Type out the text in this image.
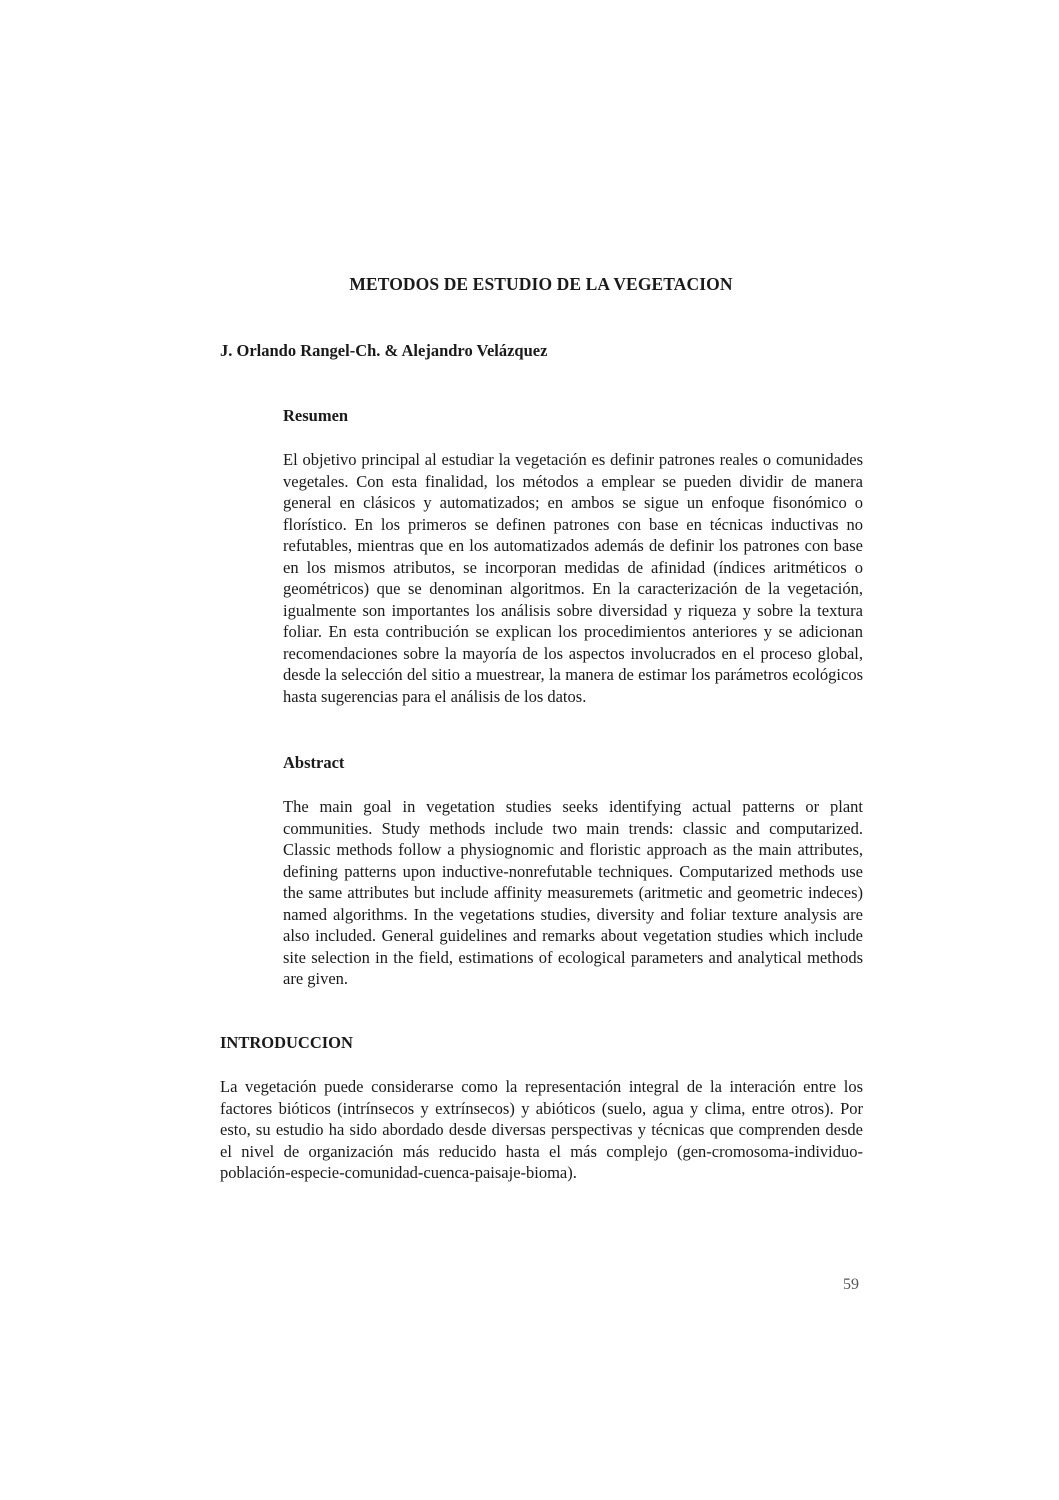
METODOS DE ESTUDIO DE LA VEGETACION

J. Orlando Rangel-Ch. & Alejandro Velázquez

Resumen

El objetivo principal al estudiar la vegetación es definir patrones reales o comunidades vegetales. Con esta finalidad, los métodos a emplear se pueden dividir de manera general en clásicos y automatizados; en ambos se sigue un enfoque fisonómico o florístico. En los primeros se definen patrones con base en técnicas inductivas no refutables, mientras que en los automatizados además de definir los patrones con base en los mismos atributos, se incorporan medidas de afinidad (índices aritméticos o geométricos) que se denominan algoritmos. En la caracterización de la vegetación, igualmente son importantes los análisis sobre diversidad y riqueza y sobre la textura foliar. En esta contribución se explican los procedimientos anteriores y se adicionan recomendaciones sobre la mayoría de los aspectos involucrados en el proceso global, desde la selección del sitio a muestrear, la manera de estimar los parámetros ecológicos hasta sugerencias para el análisis de los datos.

Abstract

The main goal in vegetation studies seeks identifying actual patterns or plant communities. Study methods include two main trends: classic and computarized. Classic methods follow a physiognomic and floristic approach as the main attributes, defining patterns upon inductive-nonrefutable techniques. Computarized methods use the same attributes but include affinity measuremets (aritmetic and geometric indeces) named algorithms. In the vegetations studies, diversity and foliar texture analysis are also included. General guidelines and remarks about vegetation studies which include site selection in the field, estimations of ecological parameters and analytical methods are given.

INTRODUCCION

La vegetación puede considerarse como la representación integral de la interación entre los factores bióticos (intrínsecos y extrínsecos) y abióticos (suelo, agua y clima, entre otros). Por esto, su estudio ha sido abordado desde diversas perspectivas y técnicas que comprenden desde el nivel de organización más reducido hasta el más complejo (gen-cromosoma-individuo-población-especie-comunidad-cuenca-paisaje-bioma).

59
